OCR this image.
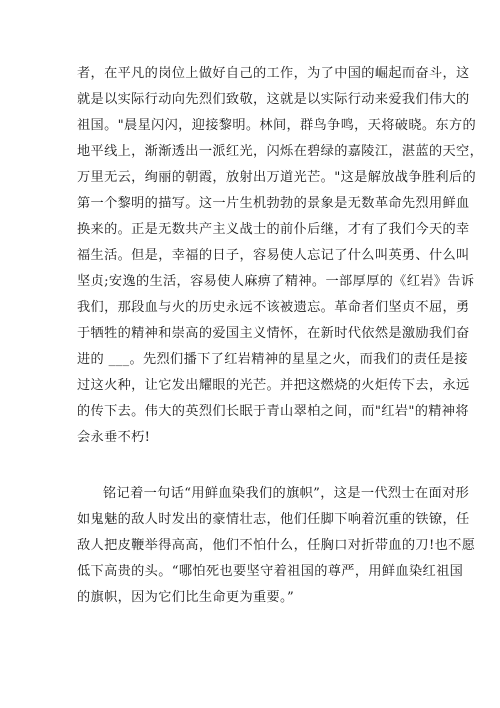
者，在平凡的岗位上做好自己的工作，为了中国的崛起而奋斗，这
就是以实际行动向先烈们致敬，这就是以实际行动来爱我们伟大的
祖国。"晨星闪闪，迎接黎明。林间，群鸟争鸣，天将破晓。东方的
地平线上，渐渐透出一派红光，闪烁在碧绿的嘉陵江，湛蓝的天空，
万里无云，绚丽的朝霞，放射出万道光芒。"这是解放战争胜利后的
第一个黎明的描写。这一片生机勃勃的景象是无数革命先烈用鲜血
换来的。正是无数共产主义战士的前仆后继，才有了我们今天的幸
福生活。但是，幸福的日子，容易使人忘记了什么叫英勇、什么叫
坚贞;安逸的生活，容易使人麻痹了精神。一部厚厚的《红岩》告诉
我们，那段血与火的历史永远不该被遗忘。革命者们坚贞不屈，勇
于牺牲的精神和崇高的爱国主义情怀，在新时代依然是激励我们奋
进的 ___。先烈们播下了红岩精神的星星之火，而我们的责任是接
过这火种，让它发出耀眼的光芒。并把这燃烧的火炬传下去，永远
的传下去。伟大的英烈们长眠于青山翠柏之间，而"红岩"的精神将
会永垂不朽!
铭记着一句话“用鲜血染我们的旗帜”，这是一代烈士在面对形
如鬼魅的敌人时发出的豪情壮志，他们任脚下响着沉重的铁镣，任
敌人把皮鞭举得高高，他们不怕什么，任胸口对折带血的刀!也不愿
低下高贵的头。“哪怕死也要坚守着祖国的尊严，用鲜血染红祖国
的旗帜，因为它们比生命更为重要。”
